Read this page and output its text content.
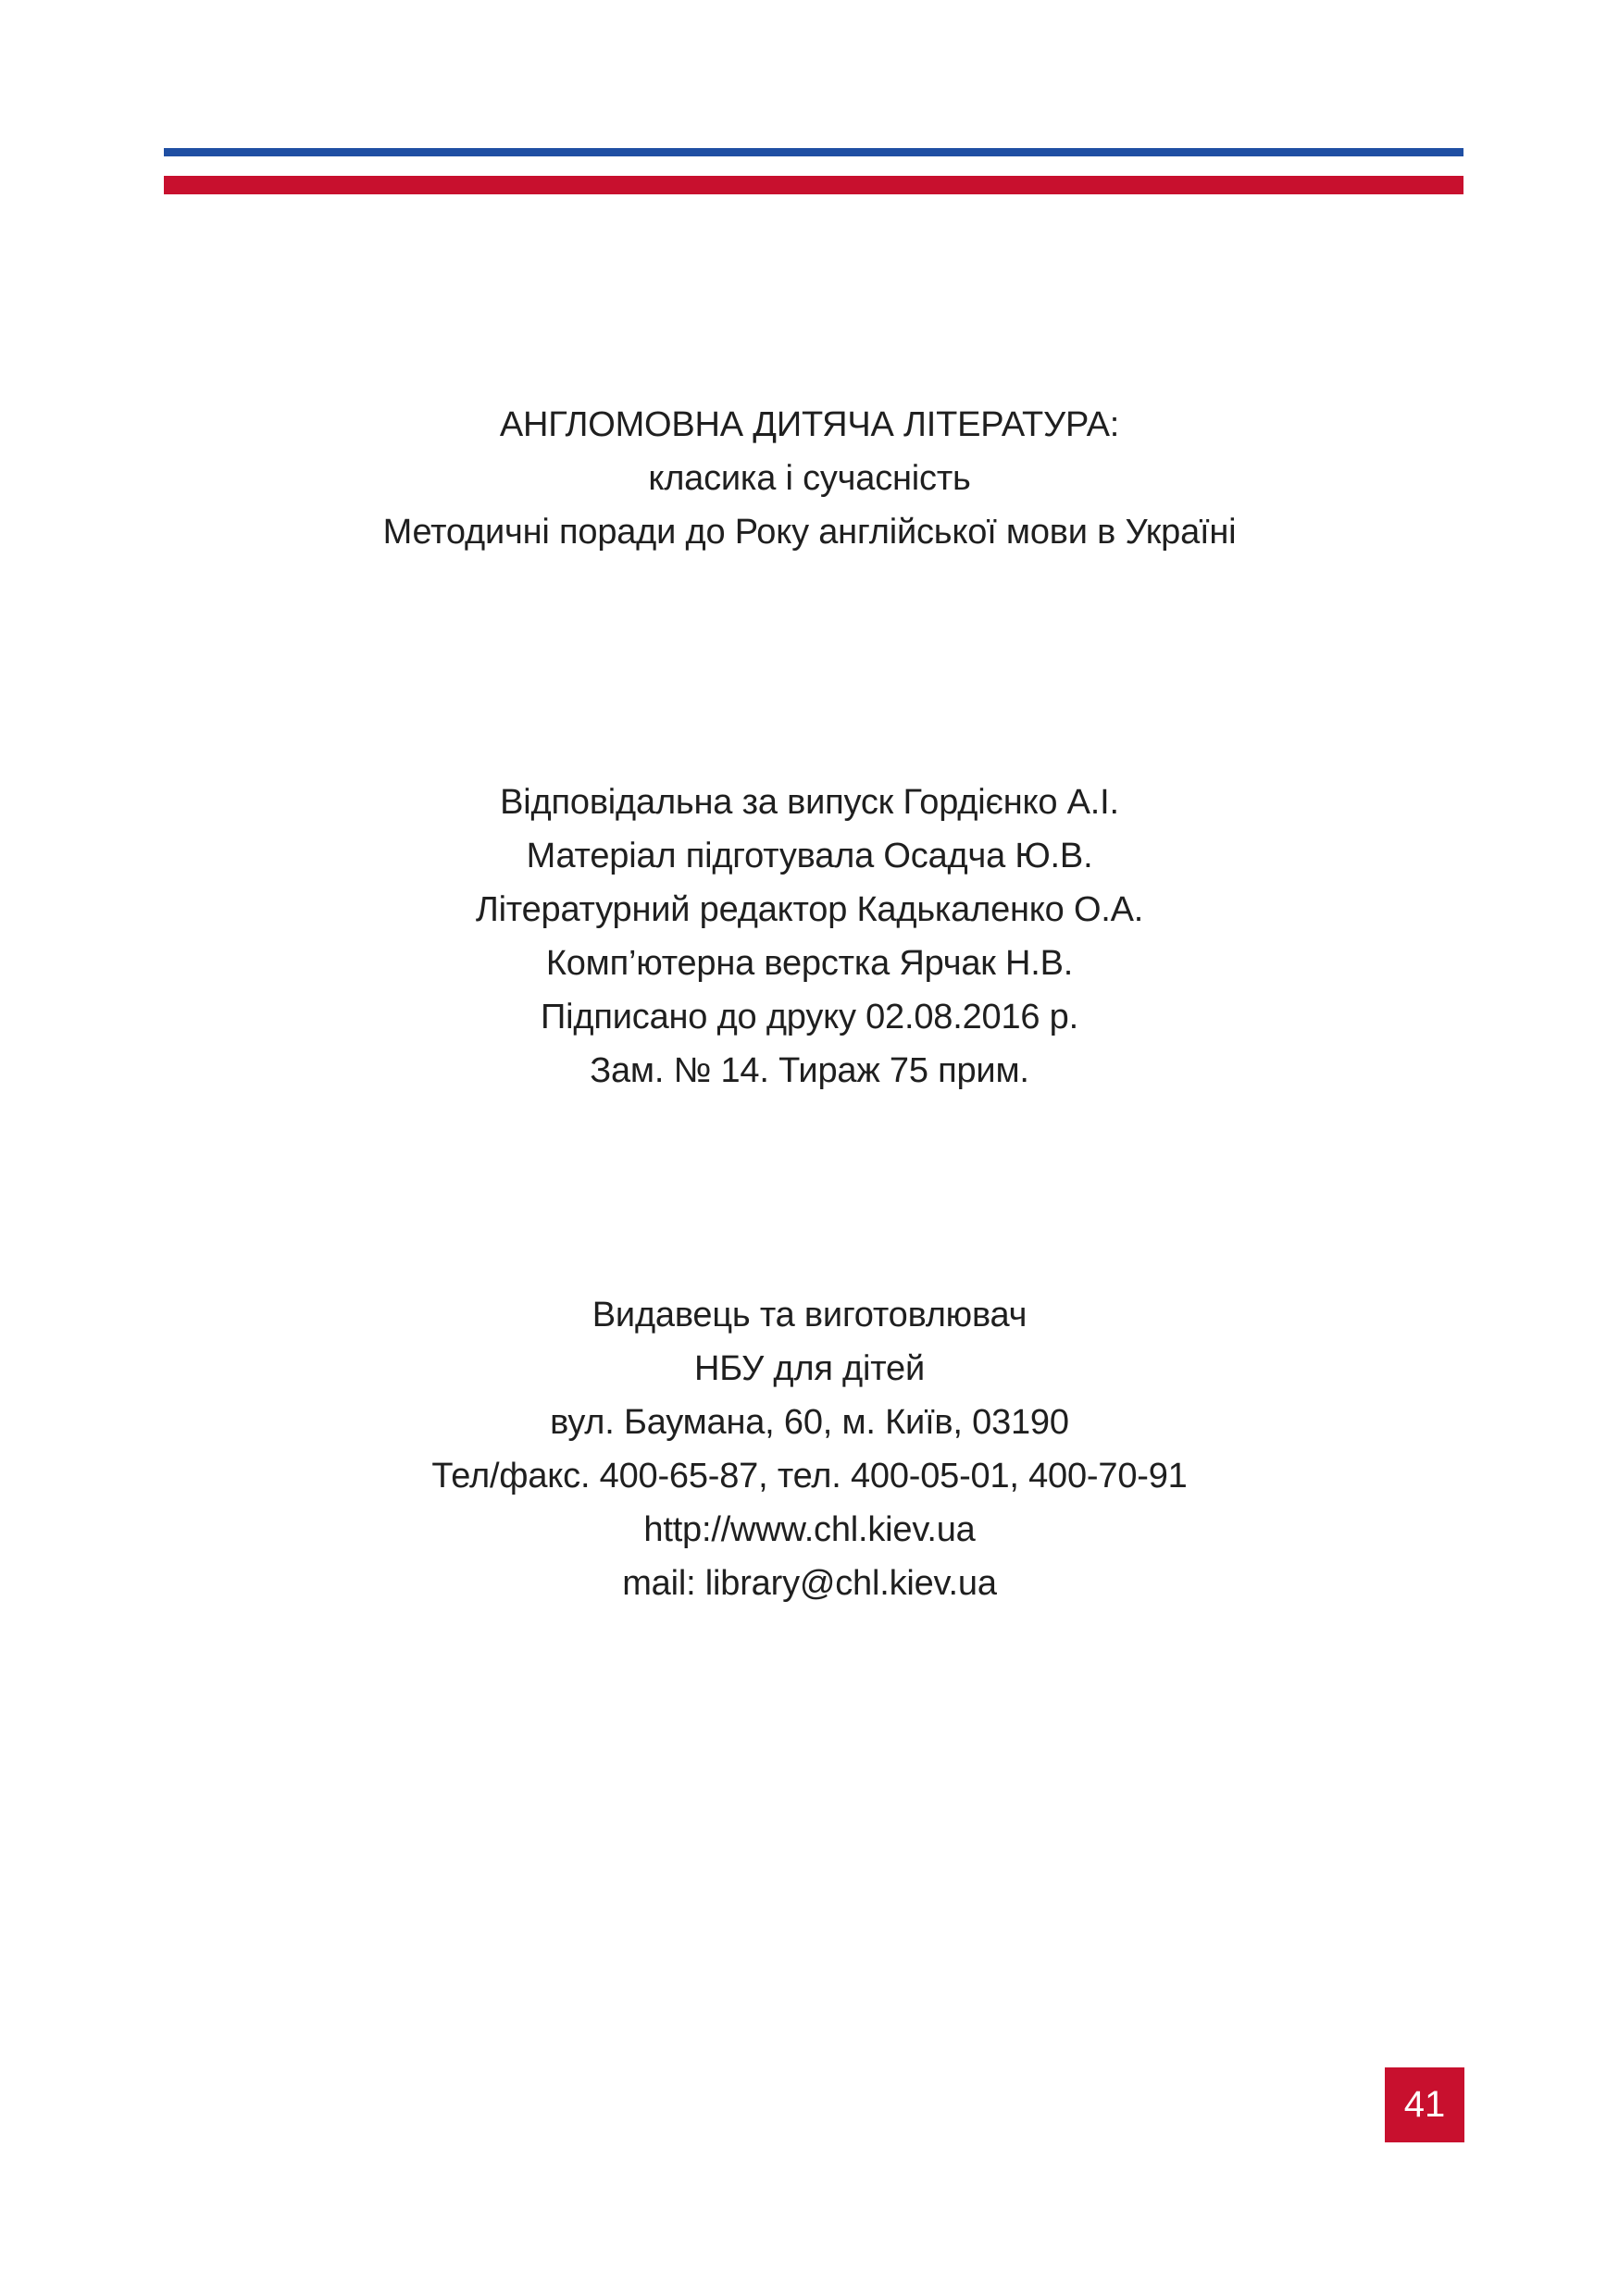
АНГЛОМОВНА ДИТЯЧА ЛІТЕРАТУРА:
класика і сучасність
Методичні поради до Року англійської мови в Україні
Відповідальна за випуск Гордієнко А.І.
Матеріал підготувала Осадча Ю.В.
Літературний редактор Кадькаленко О.А.
Комп’ютерна верстка Ярчак Н.В.
Підписано до друку 02.08.2016 р.
Зам. № 14. Тираж 75 прим.
Видавець та виготовлювач
НБУ для дітей
вул. Баумана, 60, м. Київ, 03190
Тел/факс. 400-65-87, тел. 400-05-01, 400-70-91
http://www.chl.kiev.ua
mail: library@chl.kiev.ua
41
